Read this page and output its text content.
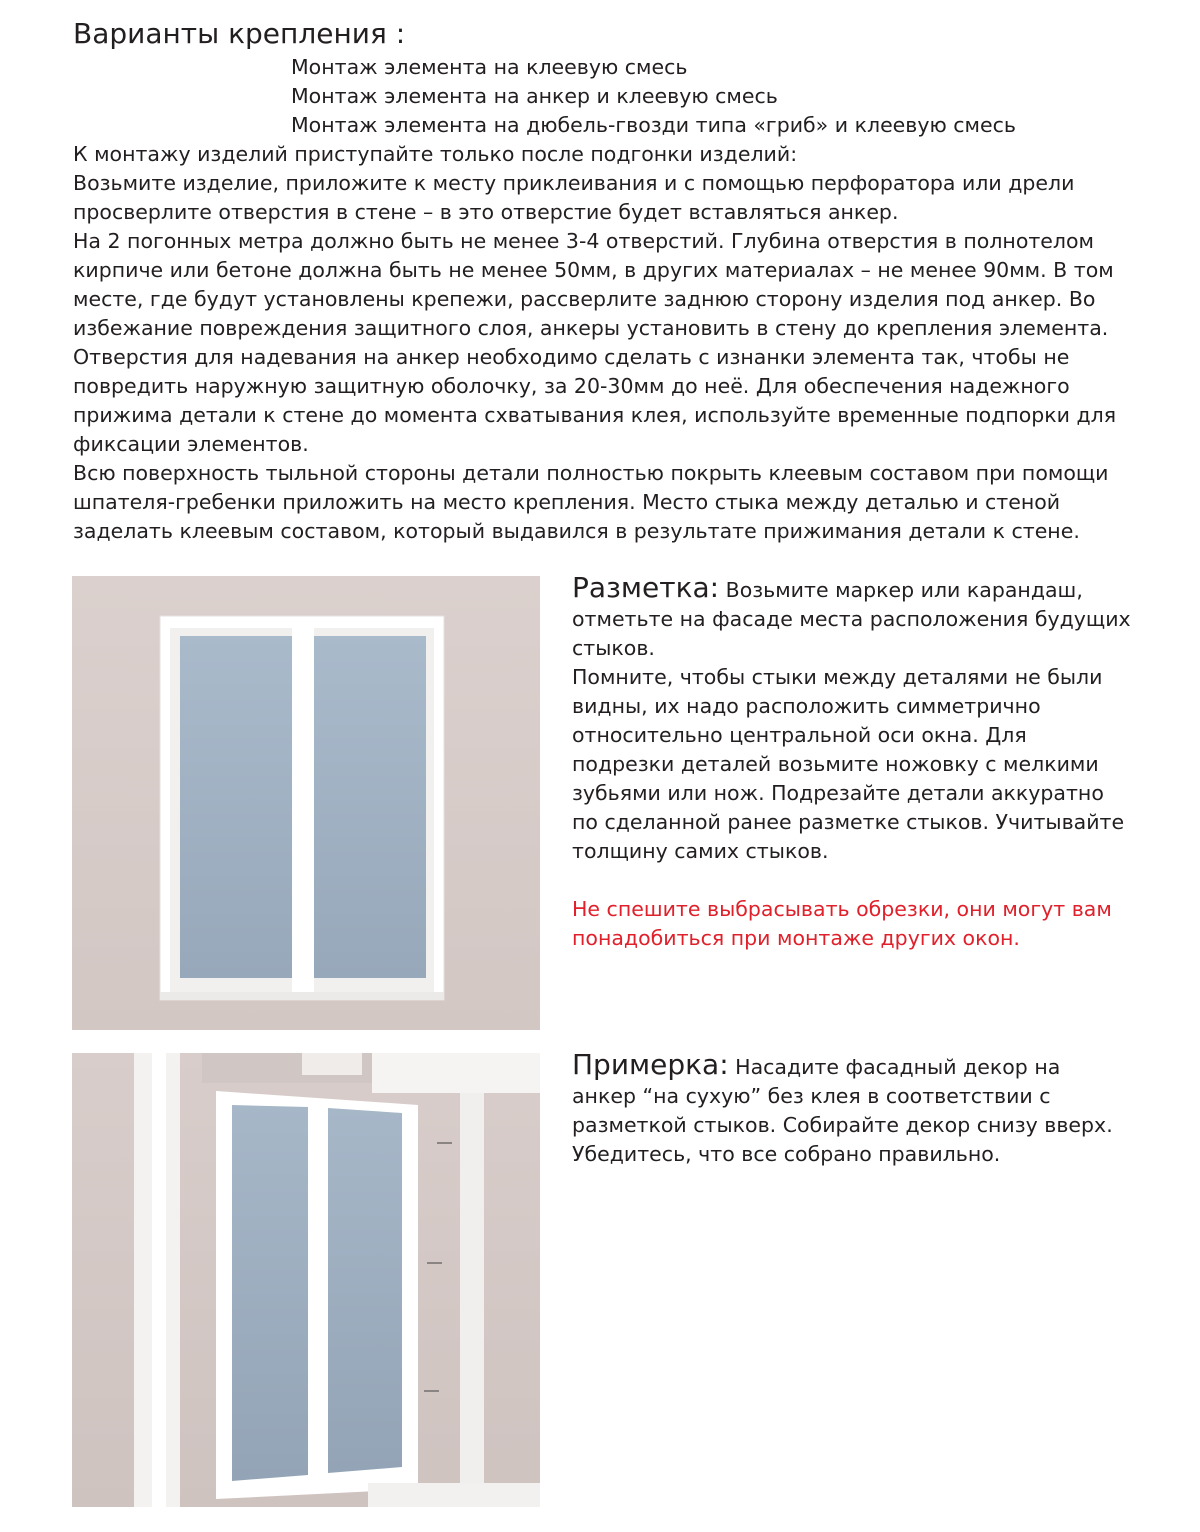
Варианты крепления :
Монтаж элемента на клеевую смесь
Монтаж элемента на анкер и клеевую смесь
Монтаж элемента на дюбель-гвозди типа «гриб» и клеевую смесь

К монтажу изделий приступайте только после подгонки изделий:

Возьмите изделие, приложите к месту приклеивания и с помощью перфоратора или дрели

просверлите отверстия в стене – в это отверстие будет вставляться анкер.

На 2 погонных метра должно быть не менее 3-4 отверстий. Глубина отверстия в полнотелом

кирпиче или бетоне должна быть не менее 50мм, в других материалах – не менее 90мм. В том

месте, где будут установлены крепежи, рассверлите заднюю сторону изделия под анкер. Во

избежание повреждения защитного слоя, анкеры установить в стену до крепления элемента.

Отверстия для надевания на анкер необходимо сделать с изнанки элемента так, чтобы не

повредить наружную защитную оболочку, за 20-30мм до неё. Для обеспечения надежного

прижима детали к стене до момента схватывания клея, используйте временные подпорки для

фиксации элементов.

Всю поверхность тыльной стороны детали полностью покрыть клеевым составом при помощи

шпателя-гребенки приложить на место крепления. Место стыка между деталью и стеной

заделать клеевым составом, который выдавился в результате прижимания детали к стене.

Разметка: Возьмите маркер или карандаш,

отметьте на фасаде места расположения будущих

стыков.

Помните, чтобы стыки между деталями не были

видны, их надо расположить симметрично

относительно центральной оси окна. Для

подрезки деталей возьмите ножовку с мелкими

зубьями или нож. Подрезайте детали аккуратно

по сделанной ранее разметке стыков. Учитывайте

толщину самих стыков.

Не спешите выбрасывать обрезки, они могут вам

понадобиться при монтаже других окон.

Примерка: Насадите фасадный декор на

анкер “на сухую” без клея в соответствии с

разметкой стыков. Собирайте декор снизу вверх.

Убедитесь, что все собрано правильно.
